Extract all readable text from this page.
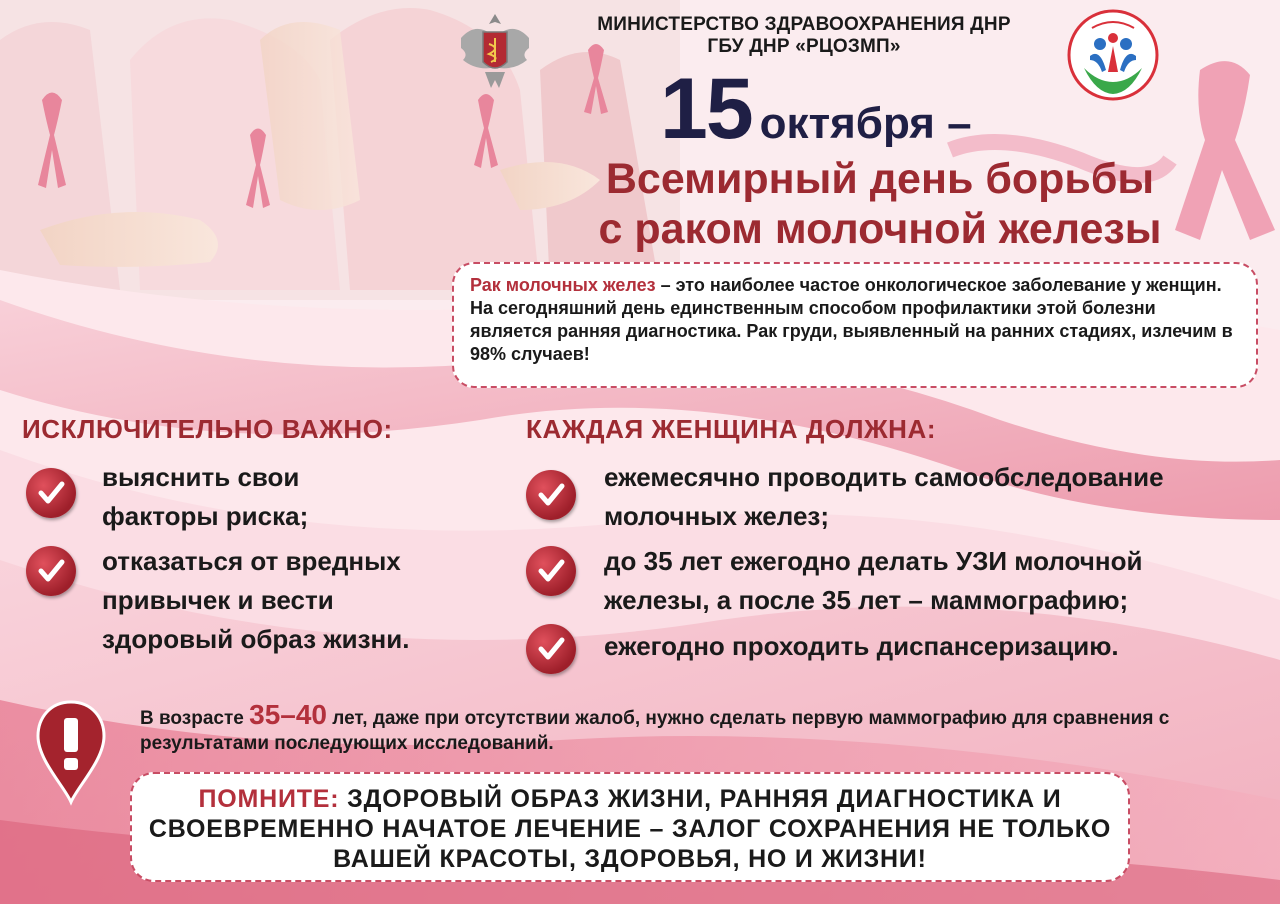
МИНИСТЕРСТВО ЗДРАВООХРАНЕНИЯ ДНР
ГБУ ДНР «РЦОЗМП»
15 октября –
Всемирный день борьбы
с раком молочной железы
Рак молочных желез – это наиболее частое онкологическое заболевание у женщин. На сегодняшний день единственным способом профилактики этой болезни является ранняя диагностика. Рак груди, выявленный на ранних стадиях, излечим в 98% случаев!
ИСКЛЮЧИТЕЛЬНО ВАЖНО:	КАЖДАЯ ЖЕНЩИНА ДОЛЖНА:
выяснить свои факторы риска;
отказаться от вредных привычек и вести здоровый образ жизни.
ежемесячно проводить самообследование молочных желез;
до 35 лет ежегодно делать УЗИ молочной железы, а после 35 лет – маммографию;
ежегодно проходить диспансеризацию.
В возрасте 35–40 лет, даже при отсутствии жалоб, нужно сделать первую маммографию для сравнения с результатами последующих исследований.
ПОМНИТЕ: ЗДОРОВЫЙ ОБРАЗ ЖИЗНИ, РАННЯЯ ДИАГНОСТИКА И СВОЕВРЕМЕННО НАЧАТОЕ ЛЕЧЕНИЕ – ЗАЛОГ СОХРАНЕНИЯ НЕ ТОЛЬКО ВАШЕЙ КРАСОТЫ, ЗДОРОВЬЯ, НО И ЖИЗНИ!
